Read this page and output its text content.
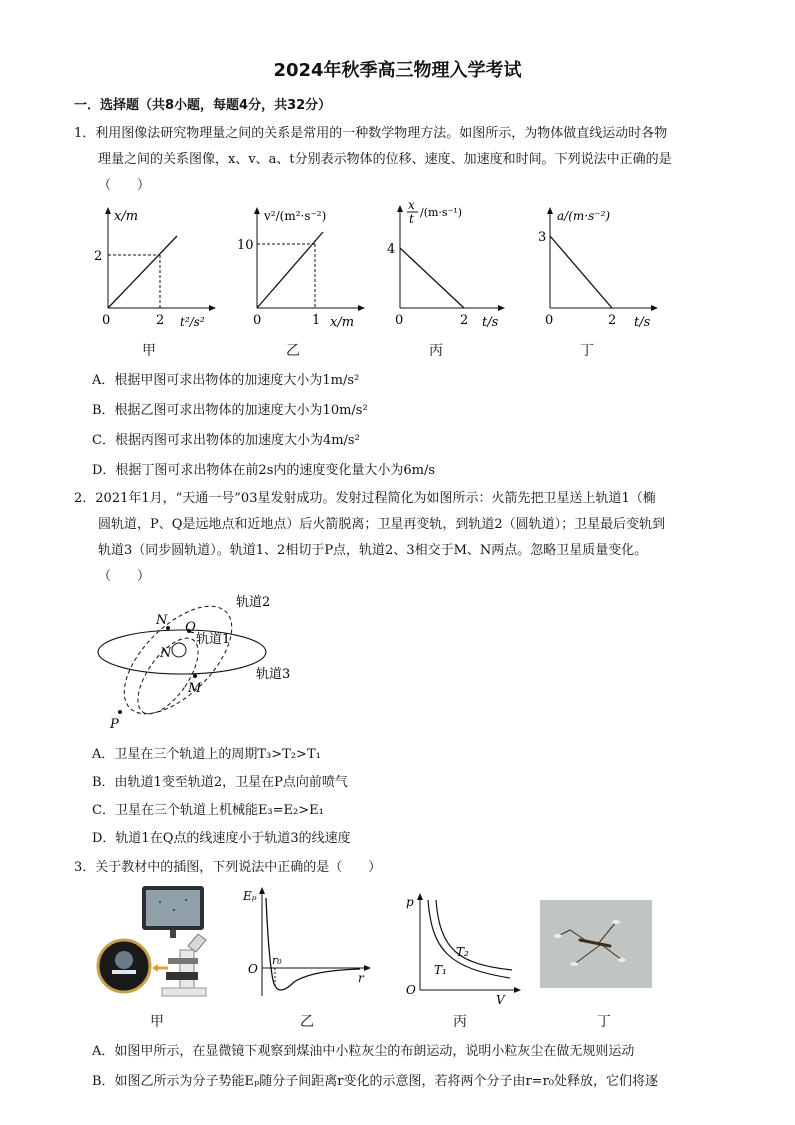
2024年秋季高三物理入学考试
一．选择题（共8小题，每题4分，共32分）
1．利用图像法研究物理量之间的关系是常用的一种数学物理方法。如图所示，为物体做直线运动时各物
理量之间的关系图像，x、v、a、t分别表示物体的位移、速度、加速度和时间。下列说法中正确的是
（　　）
x/m
2
0	2 t²/s²
甲
v²/(m²·s⁻²)
10
0	1 x/m
乙
x
t /(m·s⁻¹)
4
0	2 t/s
丙
a/(m·s⁻²)
3
0	2 t/s
丁
A．根据甲图可求出物体的加速度大小为1m/s²
B．根据乙图可求出物体的加速度大小为10m/s²
C．根据丙图可求出物体的加速度大小为4m/s²
D．根据丁图可求出物体在前2s内的速度变化量大小为6m/s
2．2021年1月，“天通一号”03星发射成功。发射过程简化为如图所示：火箭先把卫星送上轨道1（椭
圆轨道，P、Q是远地点和近地点）后火箭脱离；卫星再变轨，到轨道2（圆轨道）；卫星最后变轨到
轨道3（同步圆轨道）。轨道1、2相切于P点，轨道2、3相交于M、N两点。忽略卫星质量变化。
（　　）
N Q
N
M
P
轨道2
轨道1
轨道3
A．卫星在三个轨道上的周期T₃>T₂>T₁
B．由轨道1变至轨道2，卫星在P点向前喷气
C．卫星在三个轨道上机械能E₃=E₂>E₁
D．轨道1在Q点的线速度小于轨道3的线速度
3．关于教材中的插图，下列说法中正确的是（　　）
甲
Eₚ
r₀
O
r
乙
p
T₂
T₁
O
V
丙	丁
A．如图甲所示，在显微镜下观察到煤油中小粒灰尘的布朗运动，说明小粒灰尘在做无规则运动
B．如图乙所示为分子势能Eₚ随分子间距离r变化的示意图，若将两个分子由r=r₀处释放，它们将逐
